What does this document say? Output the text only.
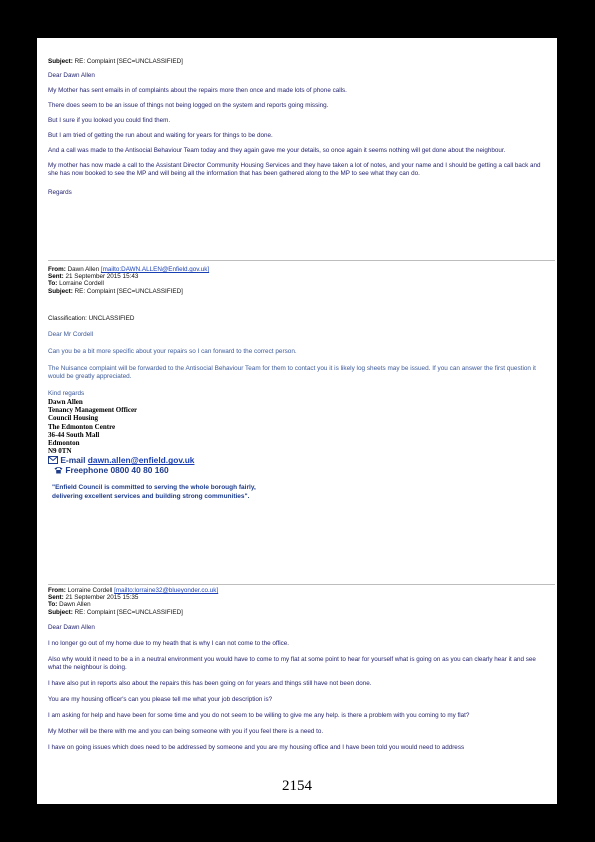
Subject: RE: Complaint [SEC=UNCLASSIFIED]

Dear Dawn Allen

My Mother has sent emails in of complaints about the repairs more then once and made lots of phone calls.

There does seem to be an issue of things not being logged on the system and reports going missing.

But I sure if you looked you could find them.

But I am tried of getting the run about and waiting for years for things to be done.

And a call was made to the Antisocial Behaviour Team today and they again gave me your details, so once again it seems nothing will get done about the neighbour.

My mother has now made a call to the Assistant Director Community Housing Services and they have taken a lot of notes, and your name and I should be getting a call back and she has now booked to see the MP and will being all the information that has been gathered along to the MP to see what they can do.

Regards

From: Dawn Allen [mailto:DAWN.ALLEN@Enfield.gov.uk]

Sent: 21 September 2015 15:43

To: Lorraine Cordell

Subject: RE: Complaint [SEC=UNCLASSIFIED]

Classification: UNCLASSIFIED

Dear Mr Cordell

Can you be a bit more specific about your repairs so I can forward to the correct person.

The Nuisance complaint will be forwarded to the Antisocial Behaviour Team for them to contact you it is likely log sheets may be issued. If you can answer the first question it would be greatly appreciated.

Kind regards

Dawn Allen

Tenancy Management Officer

Council Housing

The Edmonton Centre

36-44 South Mall

Edmonton

N9 0TN

E-mail dawn.allen@enfield.gov.uk
Freephone 0800 40 80 160
"Enfield Council is committed to serving the whole borough fairly,
delivering excellent services and building strong communities".

From: Lorraine Cordell [mailto:lorraine32@blueyonder.co.uk]

Sent: 21 September 2015 15:35

To: Dawn Allen

Subject: RE: Complaint [SEC=UNCLASSIFIED]

Dear Dawn Allen

I no longer go out of my home due to my heath that is why I can not come to the office.

Also why would it need to be a in a neutral environment you would have to come to my flat at some point to hear for yourself what is going on as you can clearly hear it and see what the neighbour is doing.

I have also put in reports also about the repairs this has been going on for years and things still have not been done.

You are my housing officer's can you please tell me what your job description is?

I am asking for help and have been for some time and you do not seem to be willing to give me any help. is there a problem with you coming to my flat?

My Mother will be there with me and you can being someone with you if you feel there is a need to.

I have on going issues which does need to be addressed by someone and you are my housing office and I have been told you would need to address

2154
